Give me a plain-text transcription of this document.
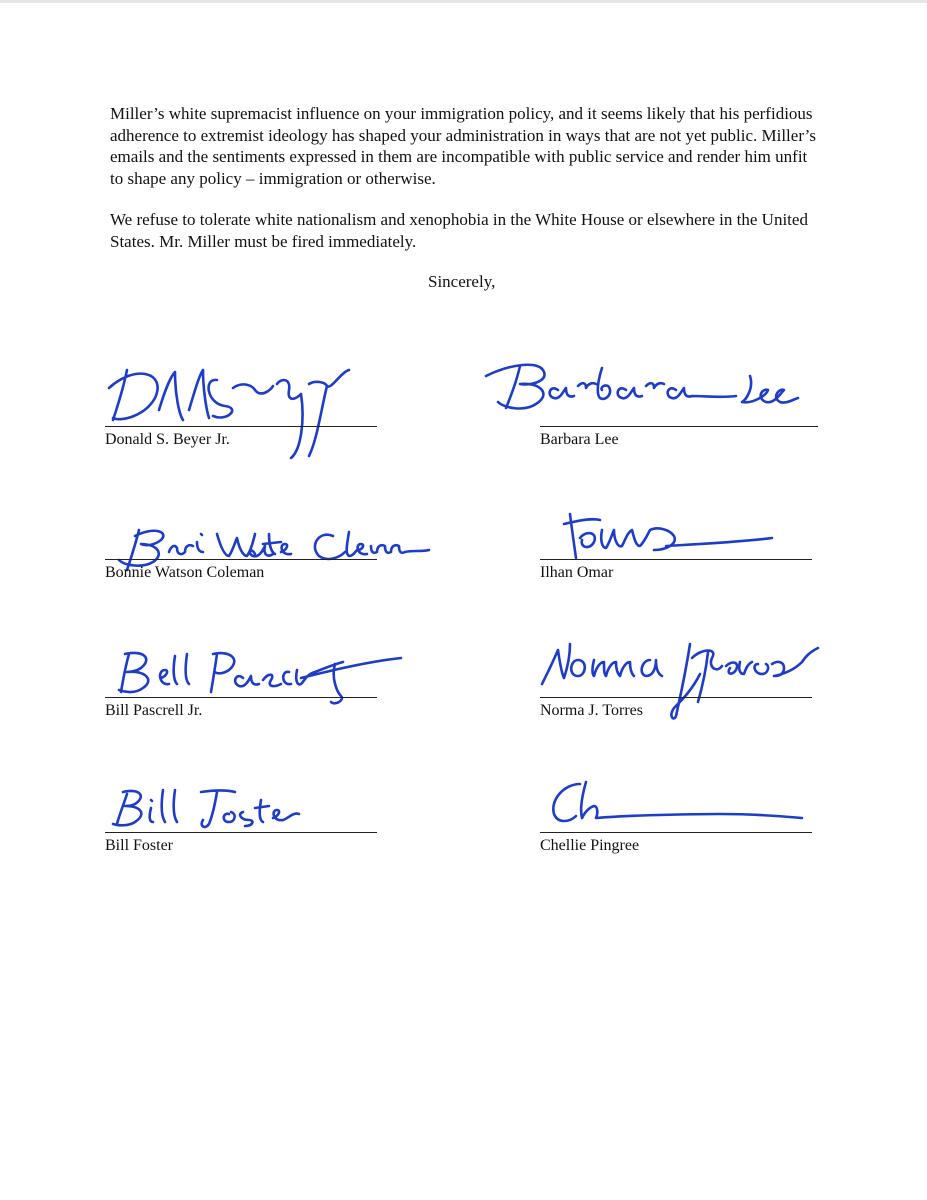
Miller’s white supremacist influence on your immigration policy, and it seems likely that his perfidious adherence to extremist ideology has shaped your administration in ways that are not yet public. Miller’s emails and the sentiments expressed in them are incompatible with public service and render him unfit to shape any policy – immigration or otherwise.

We refuse to tolerate white nationalism and xenophobia in the White House or elsewhere in the United States. Mr. Miller must be fired immediately.

Sincerely,

Donald S. Beyer Jr.	Barbara Lee
Bonnie Watson Coleman	Ilhan Omar
Bill Pascrell Jr.	Norma J. Torres
Bill Foster	Chellie Pingree
